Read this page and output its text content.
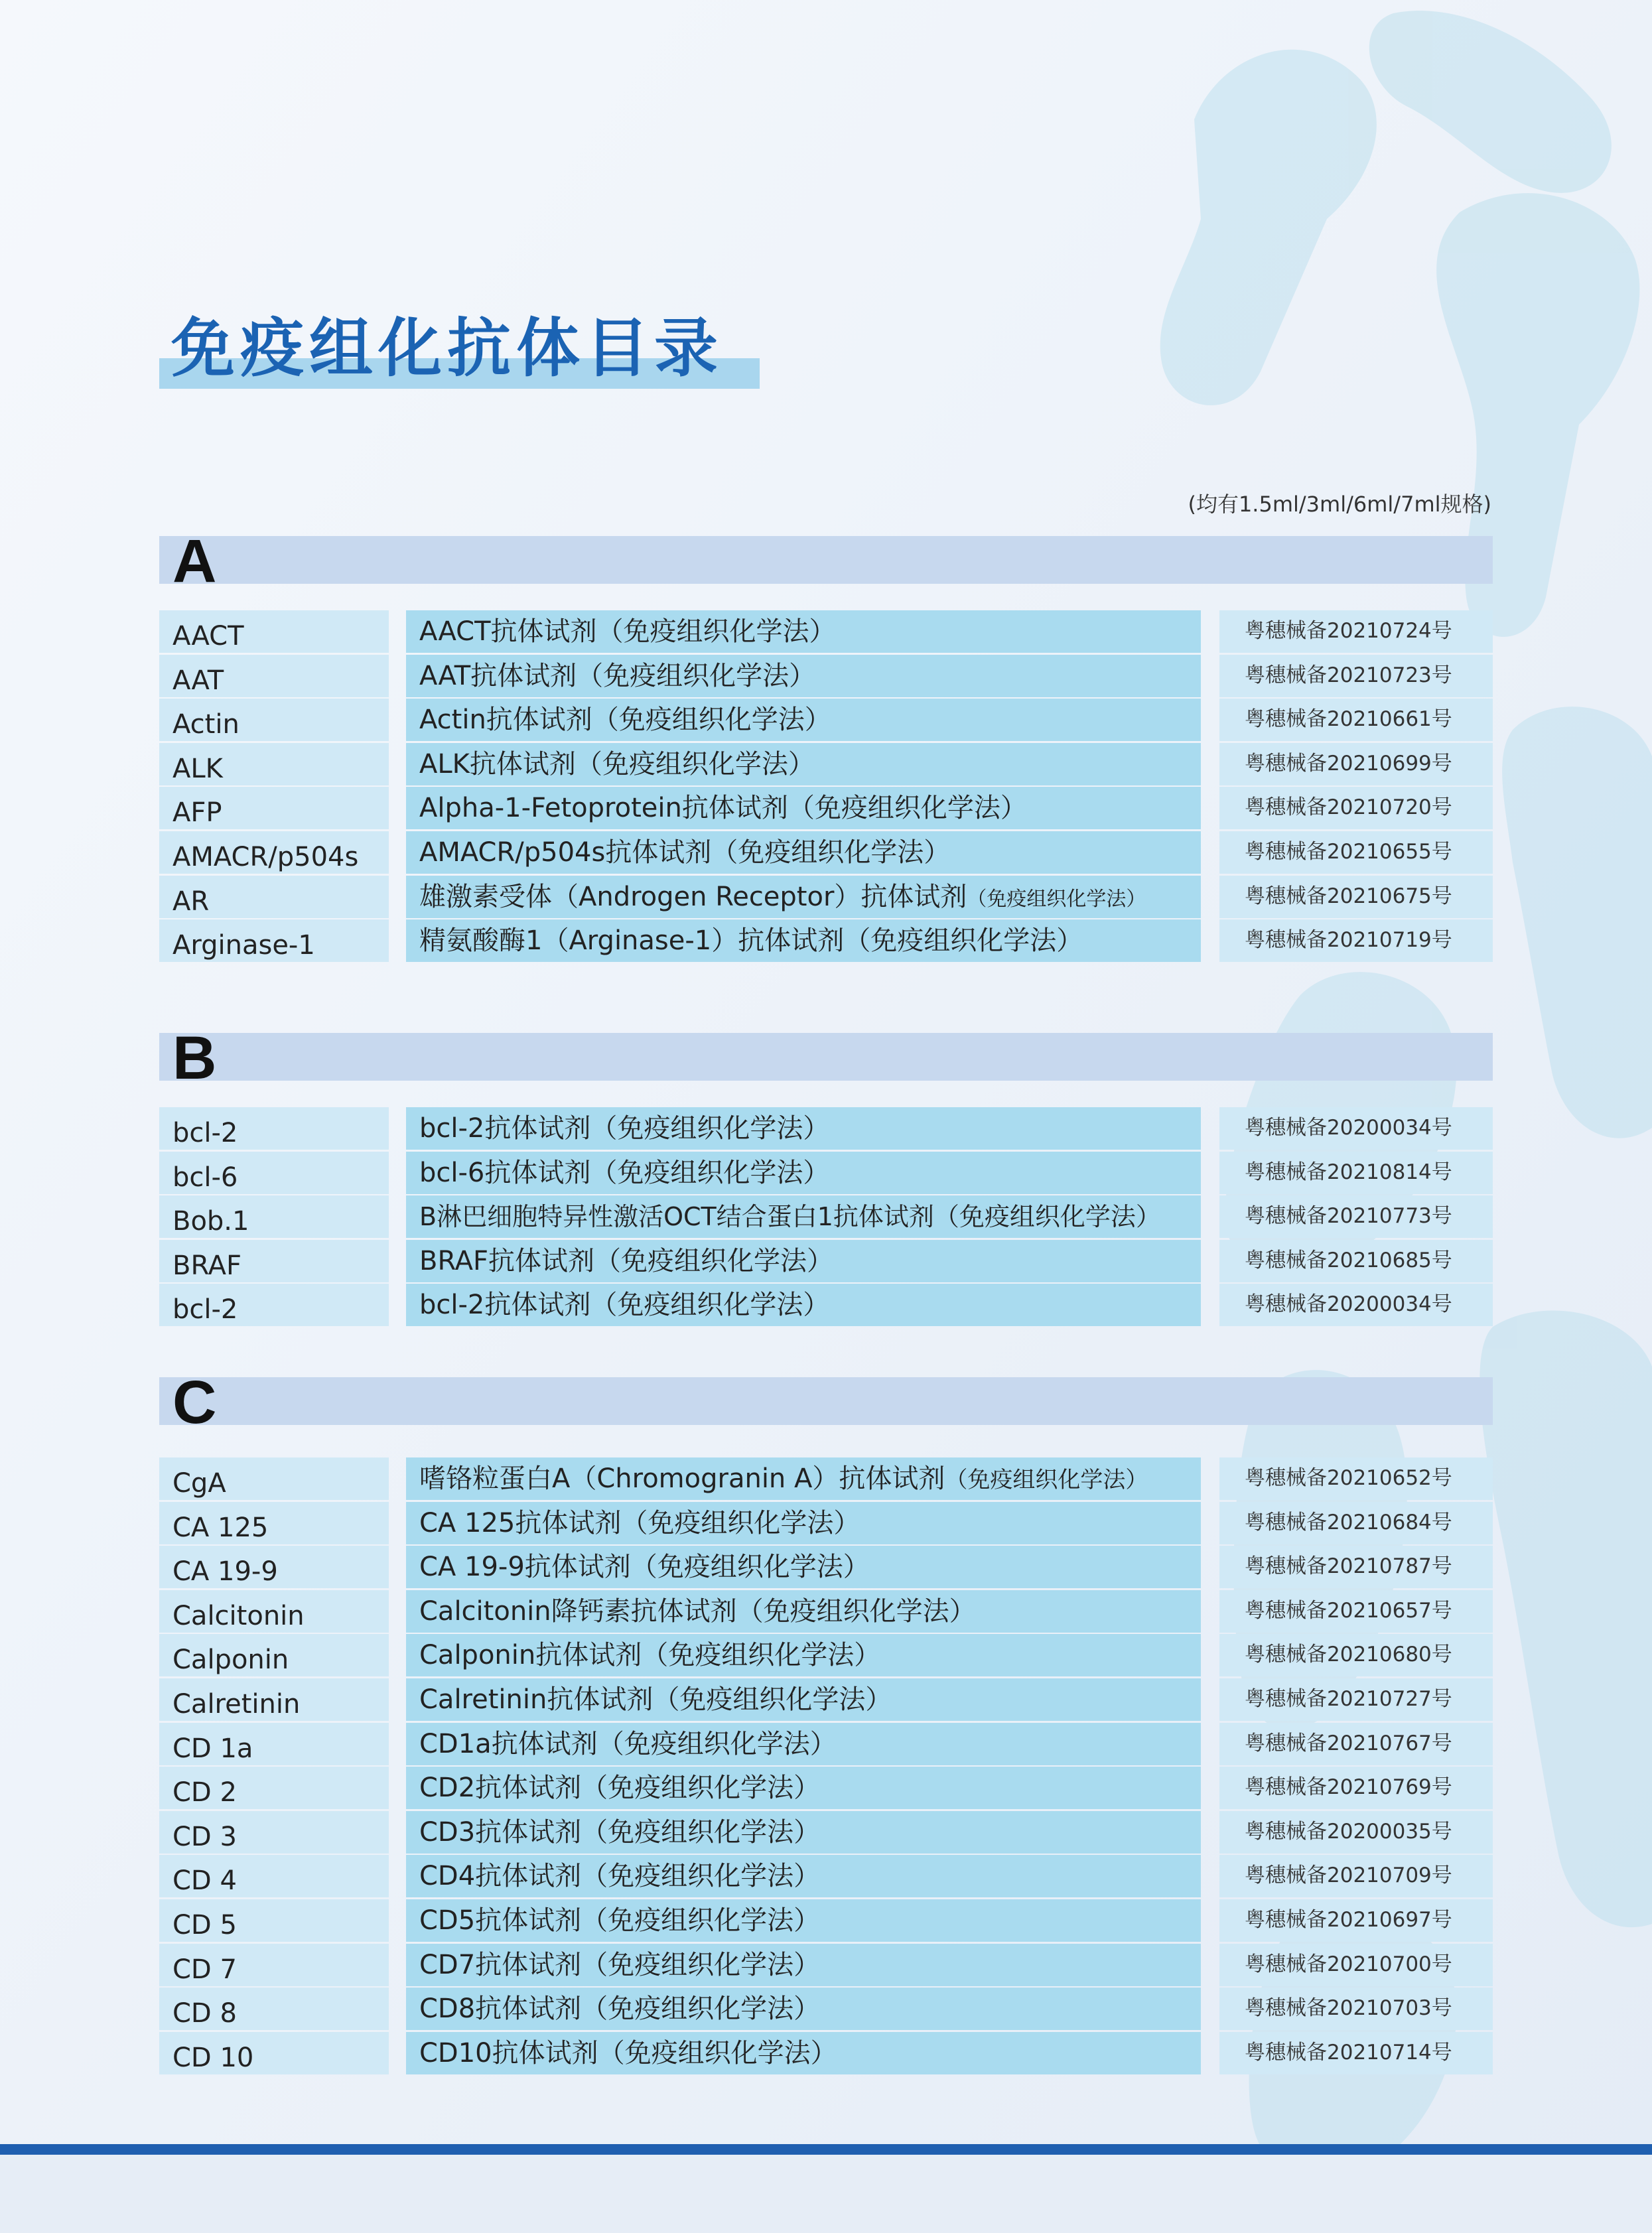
免疫组化抗体目录
(均有1.5ml/3ml/6ml/7ml规格)
A
AACT	AACT抗体试剂（免疫组织化学法）	粤穗械备20210724号
AAT	AAT抗体试剂（免疫组织化学法）	粤穗械备20210723号
Actin	Actin抗体试剂（免疫组织化学法）	粤穗械备20210661号
ALK	ALK抗体试剂（免疫组织化学法）	粤穗械备20210699号
AFP	Alpha-1-Fetoprotein抗体试剂（免疫组织化学法）	粤穗械备20210720号
AMACR/p504s	AMACR/p504s抗体试剂（免疫组织化学法）	粤穗械备20210655号
AR	雄激素受体（Androgen Receptor）抗体试剂（免疫组织化学法）	粤穗械备20210675号
Arginase-1	精氨酸酶1（Arginase-1）抗体试剂（免疫组织化学法）	粤穗械备20210719号
B
bcl-2	bcl-2抗体试剂（免疫组织化学法）	粤穗械备20200034号
bcl-6	bcl-6抗体试剂（免疫组织化学法）	粤穗械备20210814号
Bob.1	B淋巴细胞特异性激活OCT结合蛋白1抗体试剂（免疫组织化学法）	粤穗械备20210773号
BRAF	BRAF抗体试剂（免疫组织化学法）	粤穗械备20210685号
bcl-2	bcl-2抗体试剂（免疫组织化学法）	粤穗械备20200034号
C
CgA	嗜铬粒蛋白A（Chromogranin A）抗体试剂（免疫组织化学法）	粤穗械备20210652号
CA 125	CA 125抗体试剂（免疫组织化学法）	粤穗械备20210684号
CA 19-9	CA 19-9抗体试剂（免疫组织化学法）	粤穗械备20210787号
Calcitonin	Calcitonin降钙素抗体试剂（免疫组织化学法）	粤穗械备20210657号
Calponin	Calponin抗体试剂（免疫组织化学法）	粤穗械备20210680号
Calretinin	Calretinin抗体试剂（免疫组织化学法）	粤穗械备20210727号
CD 1a	CD1a抗体试剂（免疫组织化学法）	粤穗械备20210767号
CD 2	CD2抗体试剂（免疫组织化学法）	粤穗械备20210769号
CD 3	CD3抗体试剂（免疫组织化学法）	粤穗械备20200035号
CD 4	CD4抗体试剂（免疫组织化学法）	粤穗械备20210709号
CD 5	CD5抗体试剂（免疫组织化学法）	粤穗械备20210697号
CD 7	CD7抗体试剂（免疫组织化学法）	粤穗械备20210700号
CD 8	CD8抗体试剂（免疫组织化学法）	粤穗械备20210703号
CD 10	CD10抗体试剂（免疫组织化学法）	粤穗械备20210714号
